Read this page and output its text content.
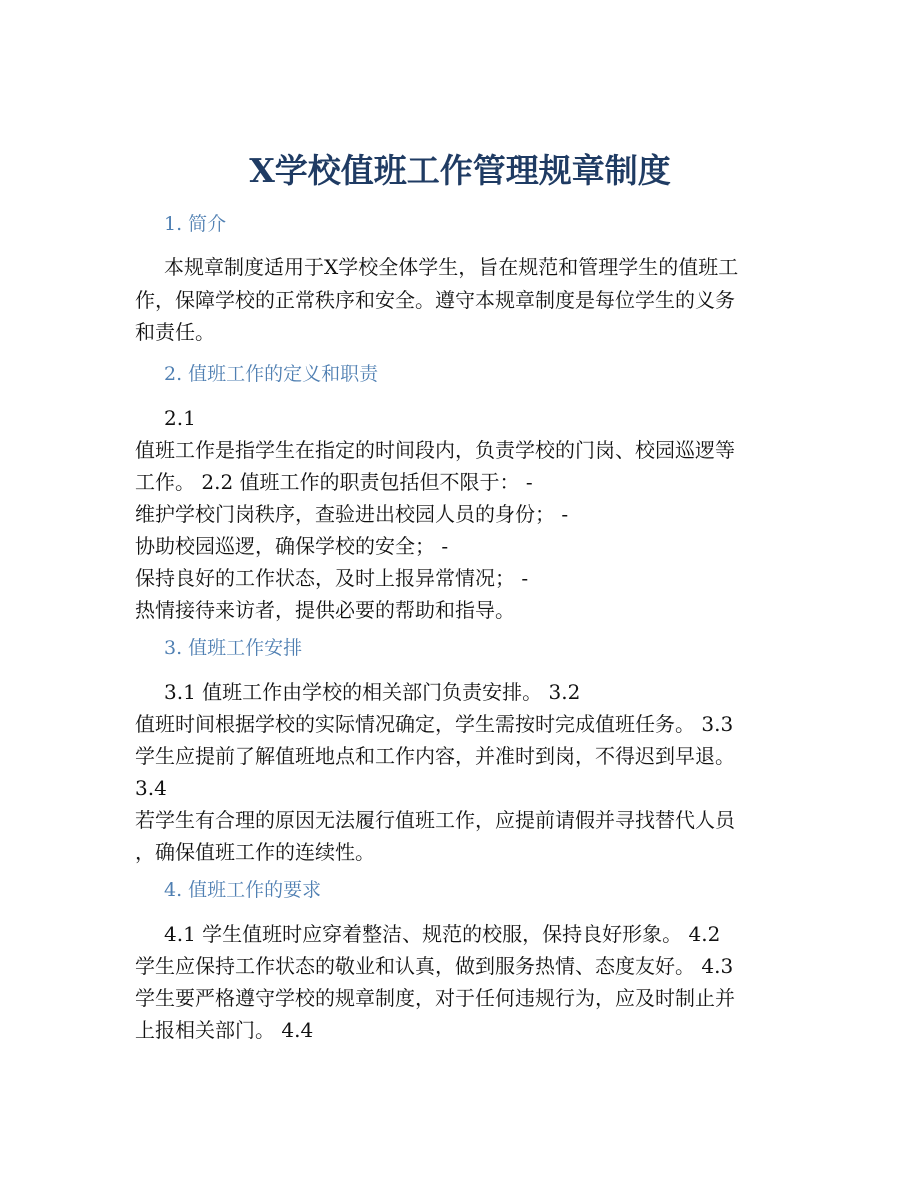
X学校值班工作管理规章制度
1. 简介
本规章制度适用于X学校全体学生，旨在规范和管理学生的值班工
作，保障学校的正常秩序和安全。遵守本规章制度是每位学生的义务
和责任。
2. 值班工作的定义和职责
2.1
值班工作是指学生在指定的时间段内，负责学校的门岗、校园巡逻等
工作。 2.2 值班工作的职责包括但不限于： -
维护学校门岗秩序，查验进出校园人员的身份； -
协助校园巡逻，确保学校的安全； -
保持良好的工作状态，及时上报异常情况； -
热情接待来访者，提供必要的帮助和指导。
3. 值班工作安排
3.1 值班工作由学校的相关部门负责安排。 3.2
值班时间根据学校的实际情况确定，学生需按时完成值班任务。 3.3
学生应提前了解值班地点和工作内容，并准时到岗，不得迟到早退。
3.4
若学生有合理的原因无法履行值班工作，应提前请假并寻找替代人员
，确保值班工作的连续性。
4. 值班工作的要求
4.1 学生值班时应穿着整洁、规范的校服，保持良好形象。 4.2
学生应保持工作状态的敬业和认真，做到服务热情、态度友好。 4.3
学生要严格遵守学校的规章制度，对于任何违规行为，应及时制止并
上报相关部门。 4.4
